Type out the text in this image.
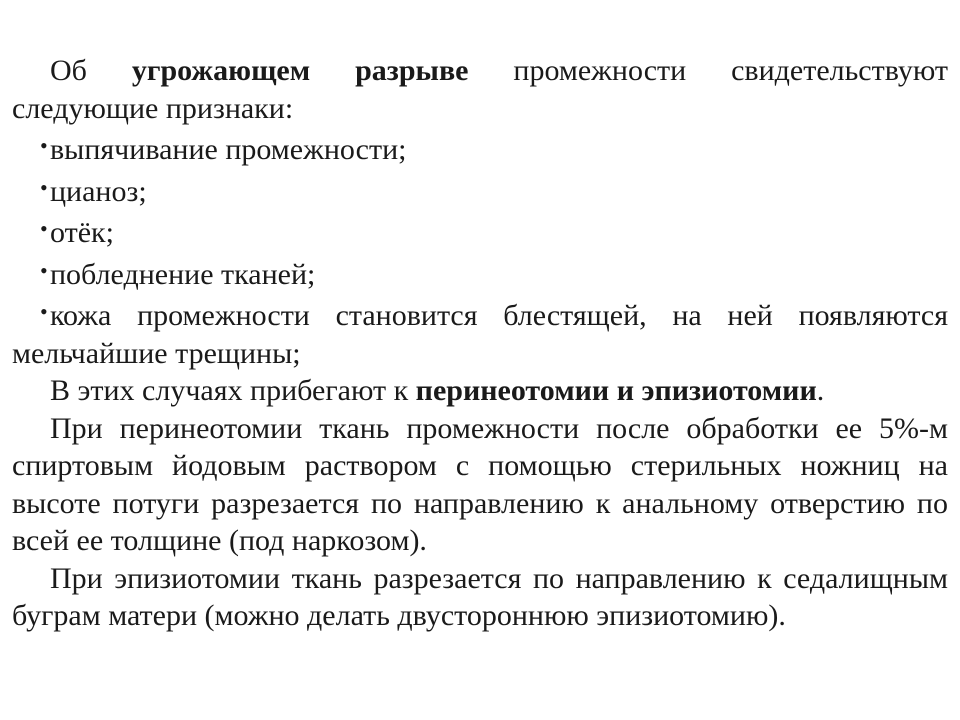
Об угрожающем разрыве промежности свидетельствуют следующие признаки:

•выпячивание промежности;

•цианоз;

•отёк;

•побледнение тканей;

•кожа промежности становится блестящей, на ней появляются мельчайшие трещины;

В этих случаях прибегают к перинеотомии и эпизиотомии.

При перинеотомии ткань промежности после обработки ее 5%-м спиртовым йодовым раствором с помощью стерильных ножниц на высоте потуги разрезается по направлению к анальному отверстию по всей ее толщине (под наркозом).

При эпизиотомии ткань разрезается по направлению к седалищным буграм матери (можно делать двустороннюю эпизиотомию).
